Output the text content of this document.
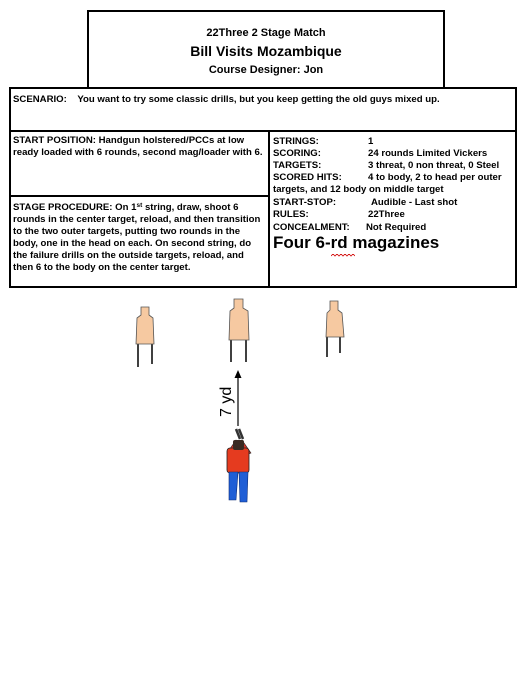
22Three 2 Stage Match
Bill Visits Mozambique
Course Designer: Jon
SCENARIO: You want to try some classic drills, but you keep getting the old guys mixed up.
START POSITION: Handgun holstered/PCCs at low ready loaded with 6 rounds, second mag/loader with 6.
STAGE PROCEDURE: On 1st string, draw, shoot 6 rounds in the center target, reload, and then transition to the two outer targets, putting two rounds in the body, one in the head on each. On second string, do the failure drills on the outside targets, reload, and then 6 to the body on the center target.
STRINGS:	1
SCORING:	24 rounds Limited Vickers
TARGETS:	3 threat, 0 non threat, 0 Steel
SCORED HITS:	4 to body, 2 to head per outer
targets, and 12 body on middle target
START-STOP:	Audible - Last shot
RULES:	22Three
CONCEALMENT: Not Required
Four 6-rd magazines
7 yd
